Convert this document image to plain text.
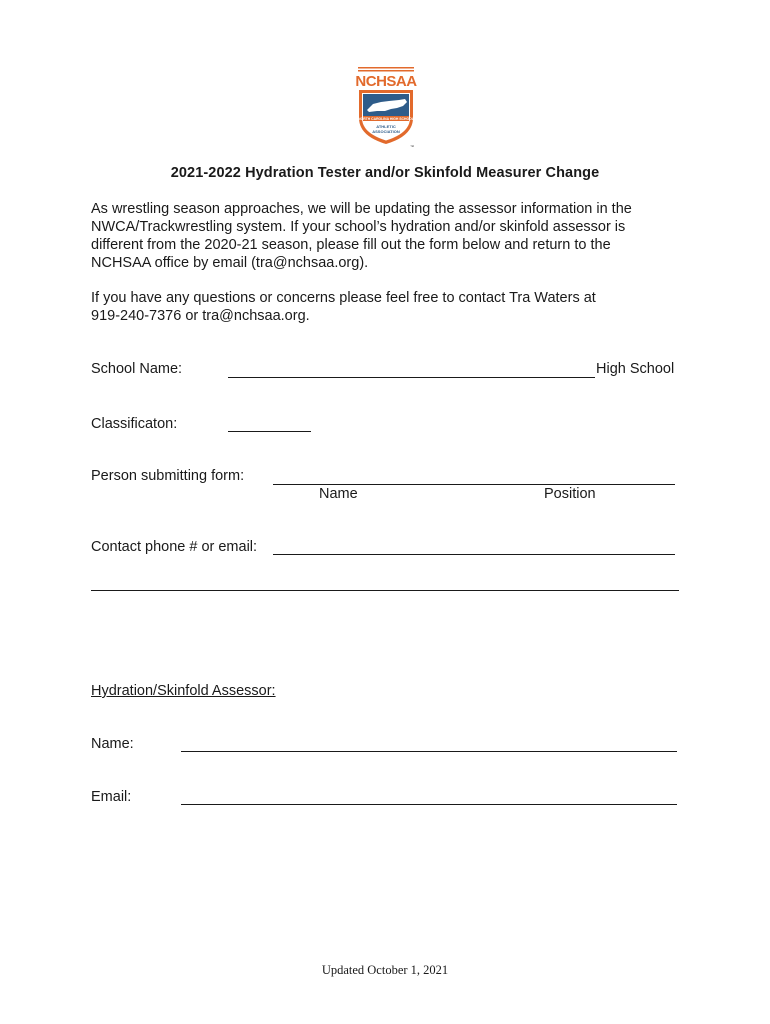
NCHSAA
NORTH CAROLINA HIGH SCHOOL
ATHLETIC
ASSOCIATION
™
2021-2022 Hydration Tester and/or Skinfold Measurer Change
As wrestling season approaches, we will be updating the assessor information in the
NWCA/Trackwrestling system. If your school’s hydration and/or skinfold assessor is
different from the 2020-21 season, please fill out the form below and return to the
NCHSAA office by email (tra@nchsaa.org).
If you have any questions or concerns please feel free to contact Tra Waters at
919-240-7376 or tra@nchsaa.org.
School Name:	High School
Classificaton:
Person submitting form:
Name	Position
Contact phone # or email:
Hydration/Skinfold Assessor:
Name:
Email:
Updated October 1, 2021
